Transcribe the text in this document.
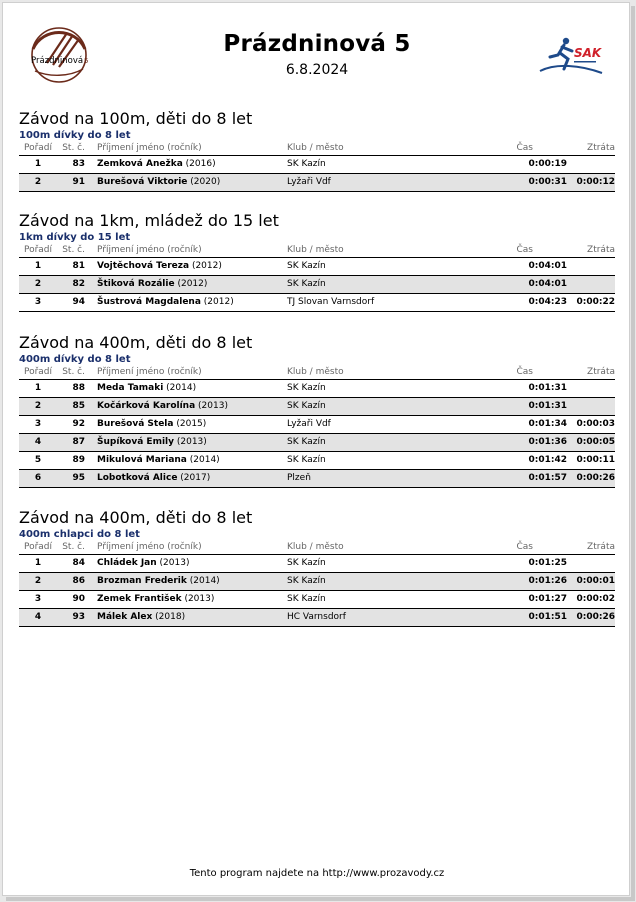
Prázdninová 5
Prázdninová 5
6.8.2024
SAK
Závod na 100m, děti do 8 let
100m dívky do 8 let
Pořadí	St. č. Příjmení jméno (ročník)	Klub / město	Čas	Ztráta
1	83 Zemková Anežka (2016)	SK Kazín	0:00:19
2	91 Burešová Viktorie (2020)	Lyžaři Vdf	0:00:31	0:00:12
Závod na 1km, mládež do 15 let
1km dívky do 15 let
Pořadí	St. č. Příjmení jméno (ročník)	Klub / město	Čas	Ztráta
1	81 Vojtěchová Tereza (2012)	SK Kazín	0:04:01
2	82 Štiková Rozálie (2012)	SK Kazín	0:04:01
3	94 Šustrová Magdalena (2012)	TJ Slovan Varnsdorf	0:04:23	0:00:22
Závod na 400m, děti do 8 let
400m dívky do 8 let
Pořadí	St. č. Příjmení jméno (ročník)	Klub / město	Čas	Ztráta
1	88 Meda Tamaki (2014)	SK Kazín	0:01:31
2	85 Kočárková Karolína (2013)	SK Kazín	0:01:31
3	92 Burešová Stela (2015)	Lyžaři Vdf	0:01:34	0:00:03
4	87 Šupíková Emily (2013)	SK Kazín	0:01:36	0:00:05
5	89 Mikulová Mariana (2014)	SK Kazín	0:01:42	0:00:11
6	95 Lobotková Alice (2017)	Plzeň	0:01:57	0:00:26
Závod na 400m, děti do 8 let
400m chlapci do 8 let
Pořadí	St. č. Příjmení jméno (ročník)	Klub / město	Čas	Ztráta
1	84 Chládek Jan (2013)	SK Kazín	0:01:25
2	86 Brozman Frederik (2014)	SK Kazín	0:01:26	0:00:01
3	90 Zemek František (2013)	SK Kazín	0:01:27	0:00:02
4	93 Málek Alex (2018)	HC Varnsdorf	0:01:51	0:00:26
Tento program najdete na http://www.prozavody.cz
